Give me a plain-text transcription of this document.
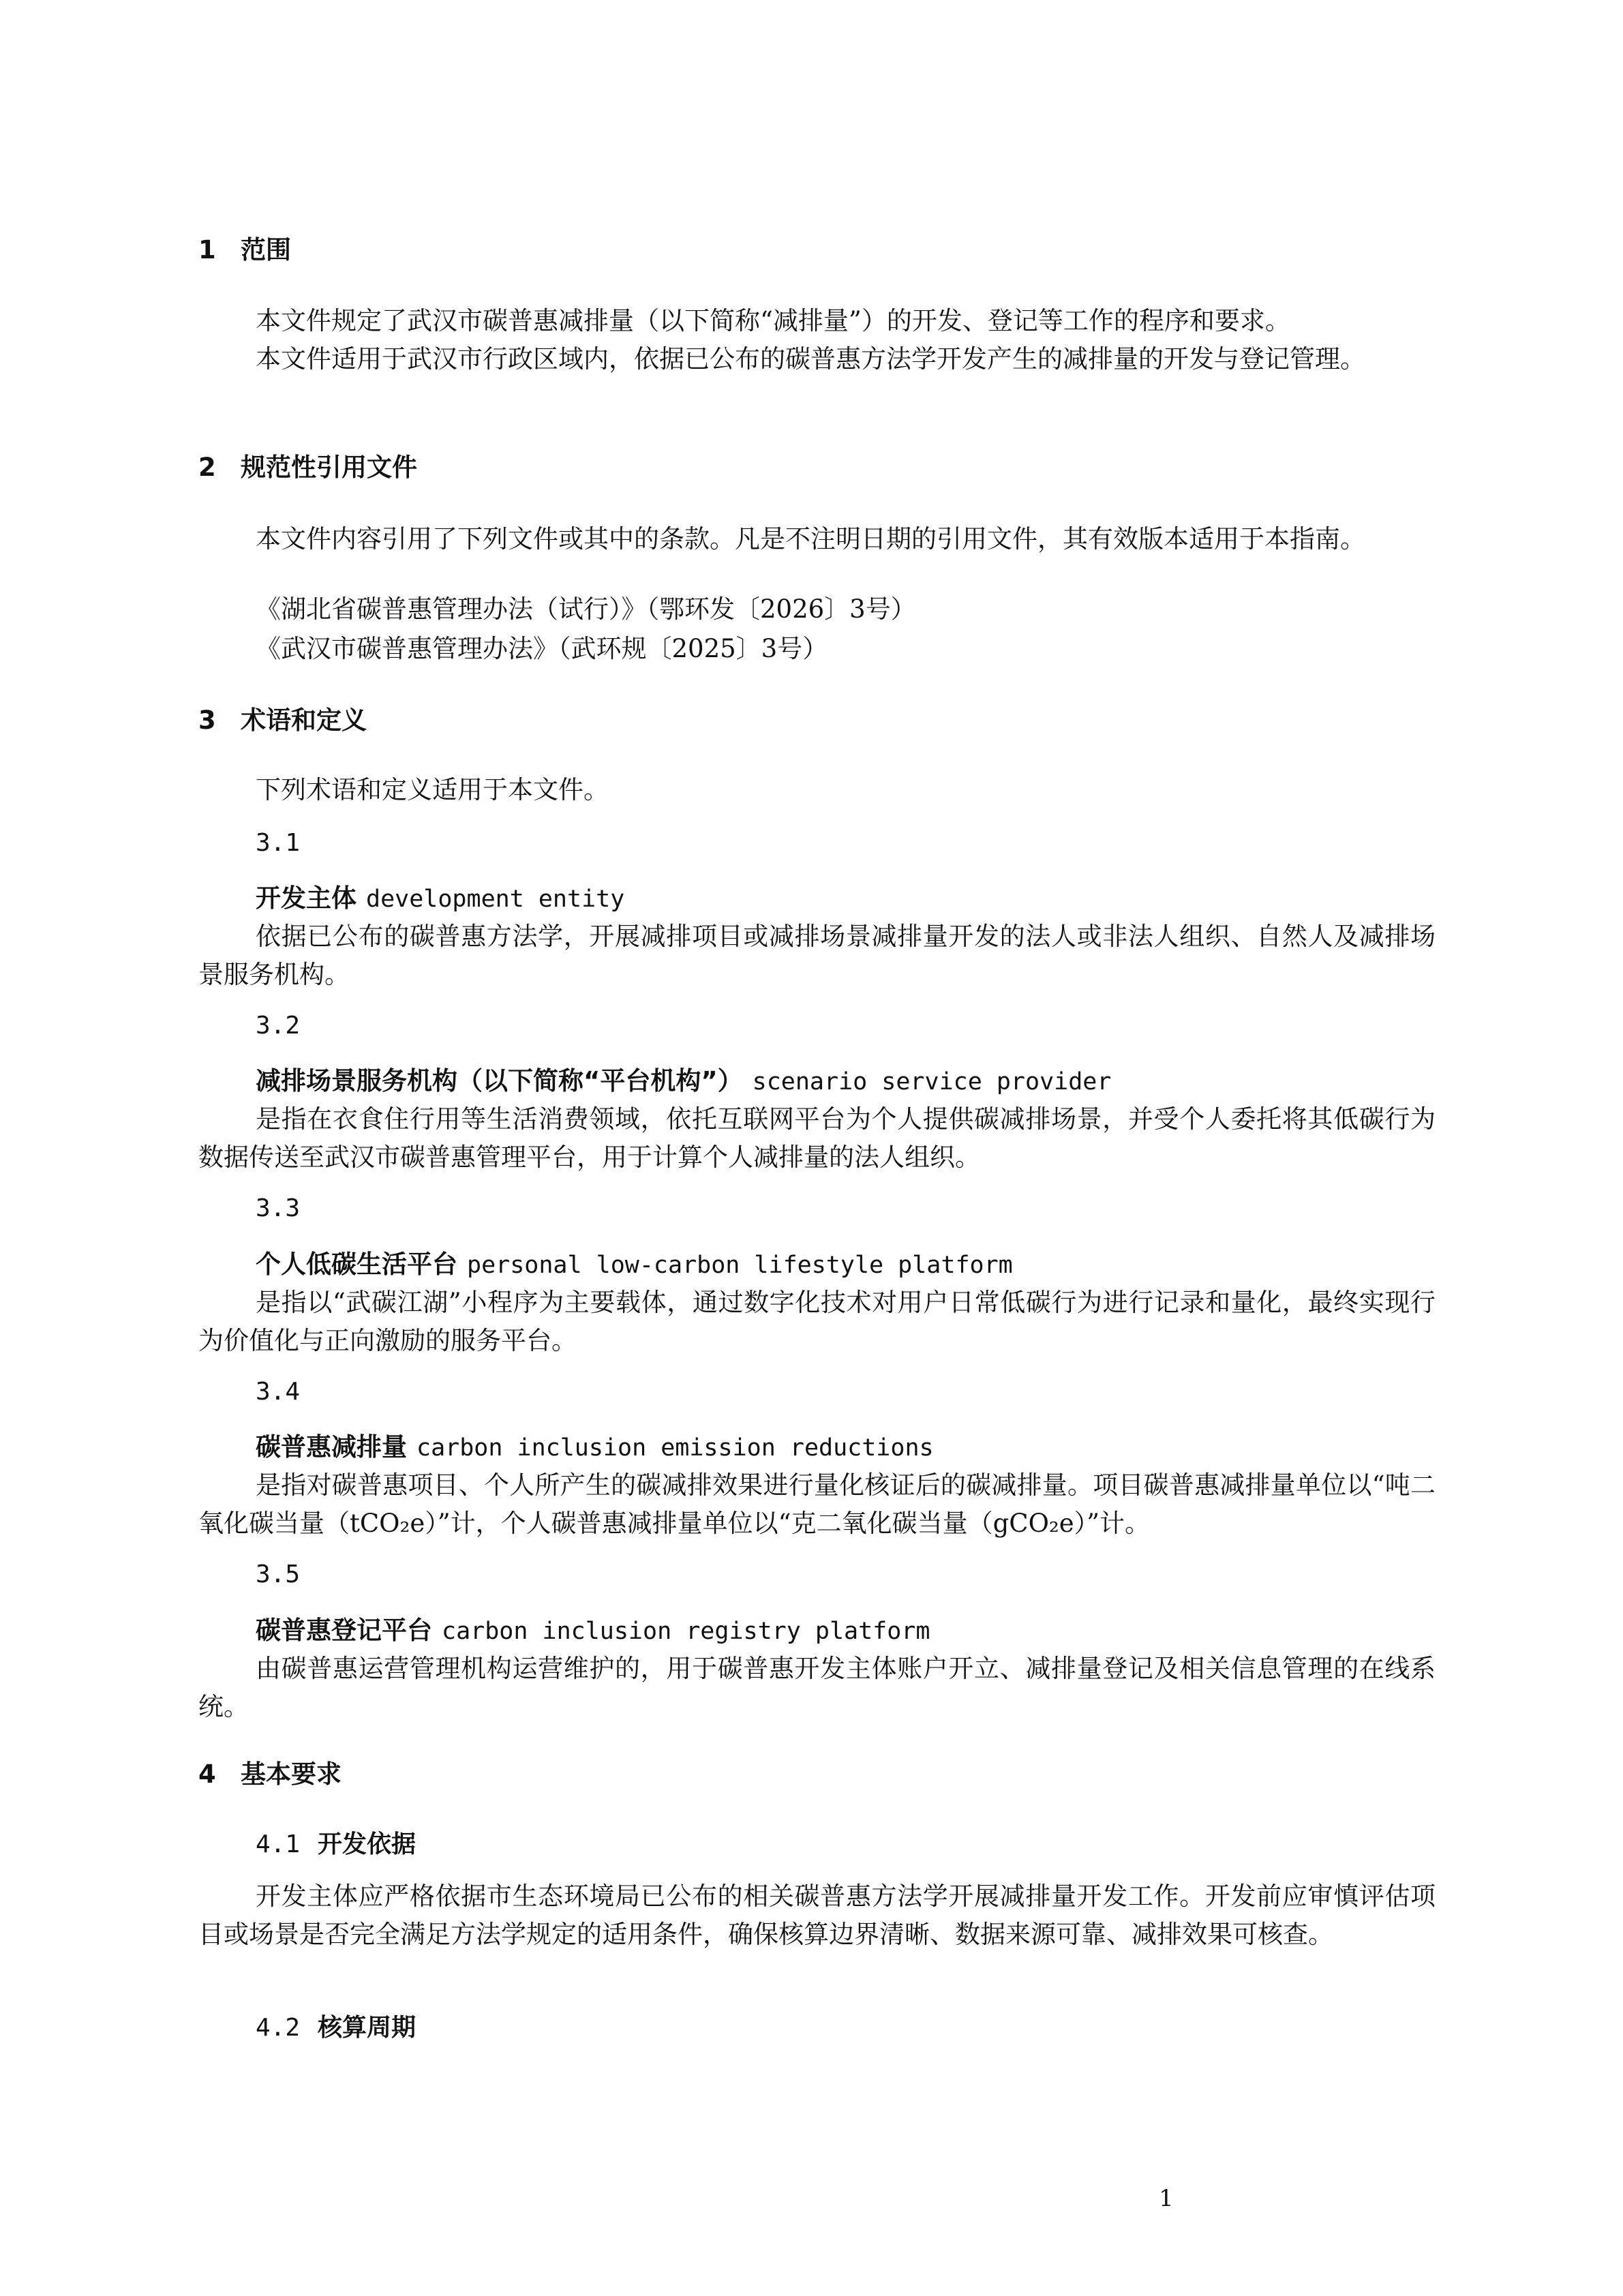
1 范围
本文件规定了武汉市碳普惠减排量（以下简称“减排量”）的开发、登记等工作的程序和要求。
本文件适用于武汉市行政区域内，依据已公布的碳普惠方法学开发产生的减排量的开发与登记管理。
2 规范性引用文件
本文件内容引用了下列文件或其中的条款。凡是不注明日期的引用文件，其有效版本适用于本指南。
《湖北省碳普惠管理办法（试行）》（鄂环发〔2026〕3号）
《武汉市碳普惠管理办法》（武环规〔2025〕3号）
3 术语和定义
下列术语和定义适用于本文件。
3.1
开发主体 development entity
依据已公布的碳普惠方法学，开展减排项目或减排场景减排量开发的法人或非法人组织、自然人及减排场景服务机构。
3.2
减排场景服务机构（以下简称“平台机构”） scenario service provider
是指在衣食住行用等生活消费领域，依托互联网平台为个人提供碳减排场景，并受个人委托将其低碳行为数据传送至武汉市碳普惠管理平台，用于计算个人减排量的法人组织。
3.3
个人低碳生活平台 personal low-carbon lifestyle platform
是指以“武碳江湖”小程序为主要载体，通过数字化技术对用户日常低碳行为进行记录和量化，最终实现行为价值化与正向激励的服务平台。
3.4
碳普惠减排量 carbon inclusion emission reductions
是指对碳普惠项目、个人所产生的碳减排效果进行量化核证后的碳减排量。项目碳普惠减排量单位以“吨二氧化碳当量（tCO₂e）”计，个人碳普惠减排量单位以“克二氧化碳当量（gCO₂e）”计。
3.5
碳普惠登记平台 carbon inclusion registry platform
由碳普惠运营管理机构运营维护的，用于碳普惠开发主体账户开立、减排量登记及相关信息管理的在线系统。
4 基本要求
4.1 开发依据
开发主体应严格依据市生态环境局已公布的相关碳普惠方法学开展减排量开发工作。开发前应审慎评估项目或场景是否完全满足方法学规定的适用条件，确保核算边界清晰、数据来源可靠、减排效果可核查。
4.2 核算周期
1
